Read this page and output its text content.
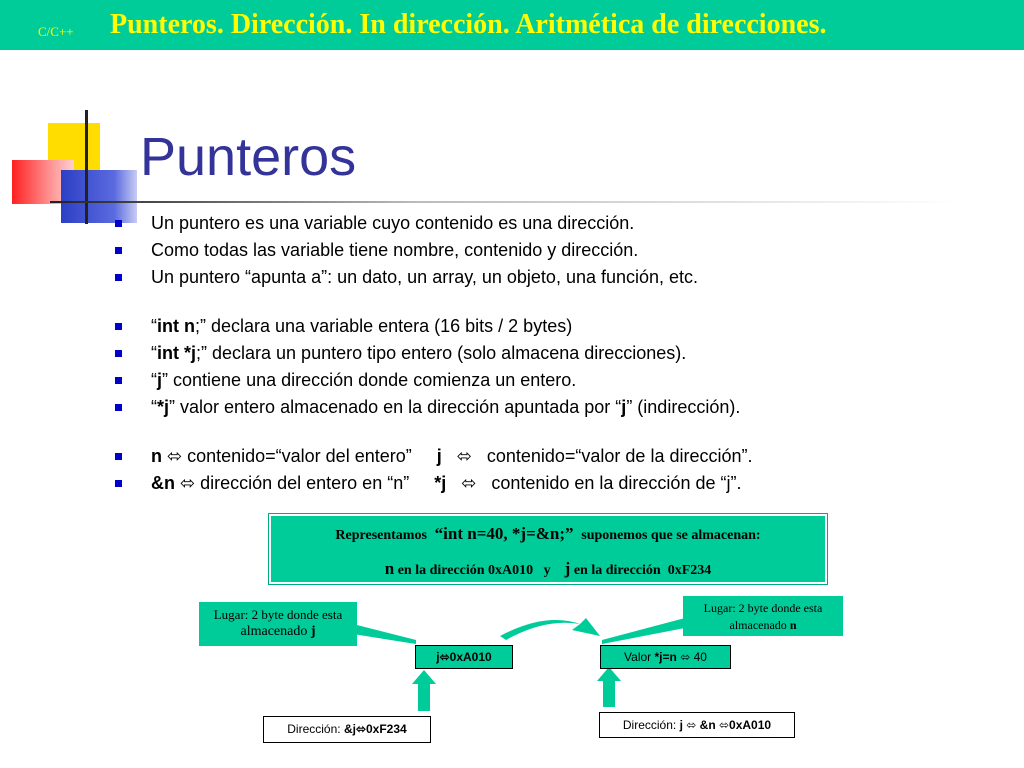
C/C++ Punteros. Dirección. In dirección. Aritmética de direcciones.
Punteros
Un puntero es una variable cuyo contenido es una dirección.
Como todas las variable tiene nombre, contenido y dirección.
Un puntero “apunta a”: un dato, un array, un objeto, una función, etc.
“int n;” declara una variable entera (16 bits / 2 bytes)
“int *j;” declara un puntero tipo entero (solo almacena direcciones).
“j” contiene una dirección donde comienza un entero.
“*j” valor entero almacenado en la dirección apuntada por “j” (indirección).
n ⬄ contenido=“valor del entero”     j   ⬄   contenido=“valor de la dirección”.
&n ⬄ dirección del entero en “n”     *j   ⬄   contenido en la dirección de “j”.
Representamos  “int n=40, *j=&n;”  suponemos que se almacenan:
n en la dirección 0xA010   y    j en la dirección  0xF234
Lugar: 2 byte donde esta
almacenado j
Lugar: 2 byte donde esta
almacenado n
j⬄0xA010	Valor *j=n ⬄ 40
Dirección: &j⬄0xF234	Dirección: j ⬄ &n ⬄0xA010
